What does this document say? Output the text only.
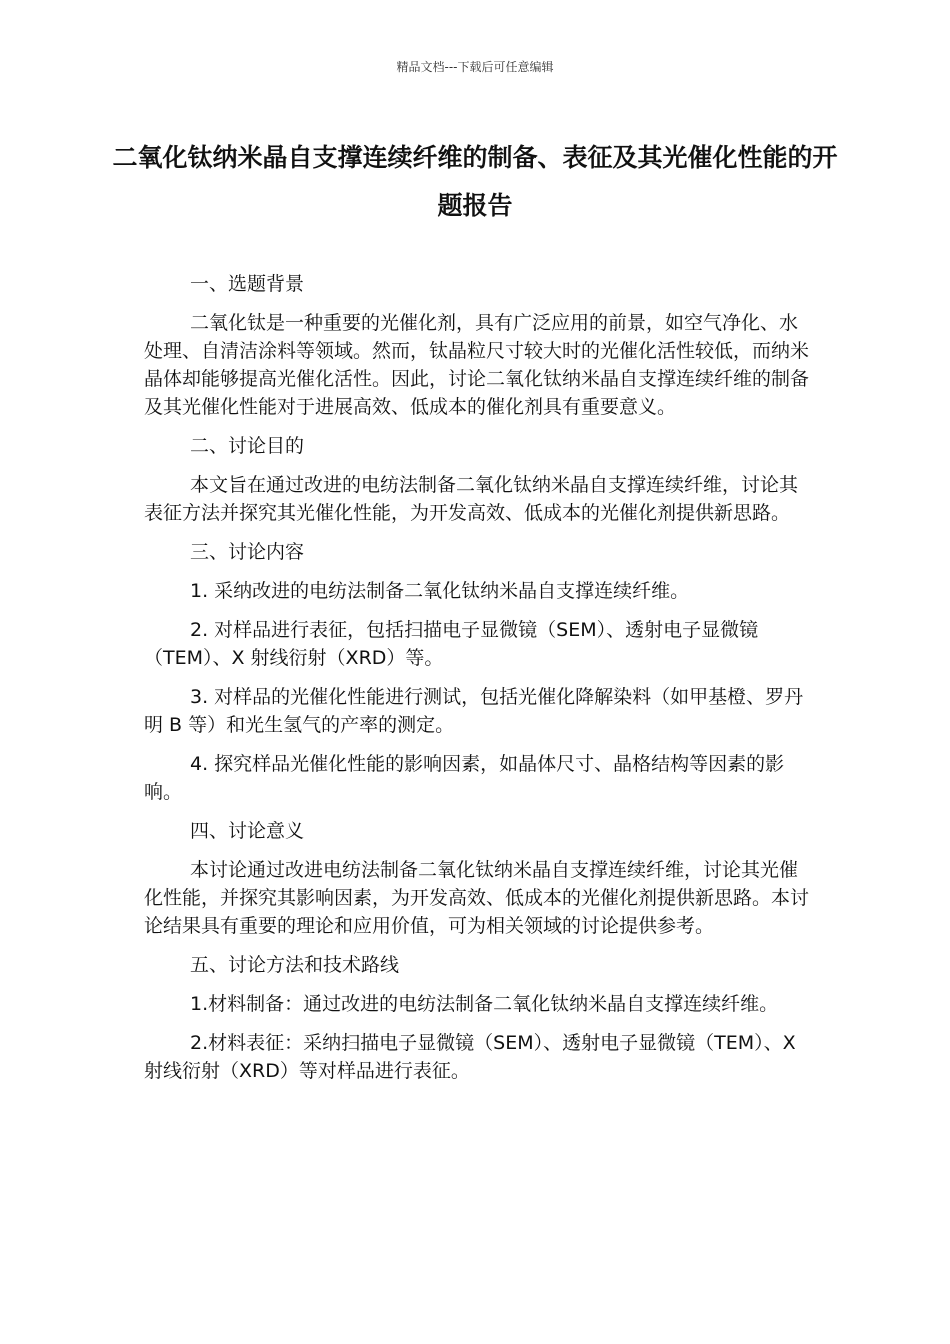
精品文档---下载后可任意编辑
二氧化钛纳米晶自支撑连续纤维的制备、表征及其光催化性能的开题报告

一、选题背景

二氧化钛是一种重要的光催化剂，具有广泛应用的前景，如空气净化、水处理、自清洁涂料等领域。然而，钛晶粒尺寸较大时的光催化活性较低，而纳米晶体却能够提高光催化活性。因此，讨论二氧化钛纳米晶自支撑连续纤维的制备及其光催化性能对于进展高效、低成本的催化剂具有重要意义。

二、讨论目的

本文旨在通过改进的电纺法制备二氧化钛纳米晶自支撑连续纤维，讨论其表征方法并探究其光催化性能，为开发高效、低成本的光催化剂提供新思路。

三、讨论内容

1. 采纳改进的电纺法制备二氧化钛纳米晶自支撑连续纤维。

2. 对样品进行表征，包括扫描电子显微镜（SEM）、透射电子显微镜（TEM）、X 射线衍射（XRD）等。

3. 对样品的光催化性能进行测试，包括光催化降解染料（如甲基橙、罗丹明 B 等）和光生氢气的产率的测定。

4. 探究样品光催化性能的影响因素，如晶体尺寸、晶格结构等因素的影响。

四、讨论意义

本讨论通过改进电纺法制备二氧化钛纳米晶自支撑连续纤维，讨论其光催化性能，并探究其影响因素，为开发高效、低成本的光催化剂提供新思路。本讨论结果具有重要的理论和应用价值，可为相关领域的讨论提供参考。

五、讨论方法和技术路线

1.材料制备：通过改进的电纺法制备二氧化钛纳米晶自支撑连续纤维。

2.材料表征：采纳扫描电子显微镜（SEM）、透射电子显微镜（TEM）、X 射线衍射（XRD）等对样品进行表征。
